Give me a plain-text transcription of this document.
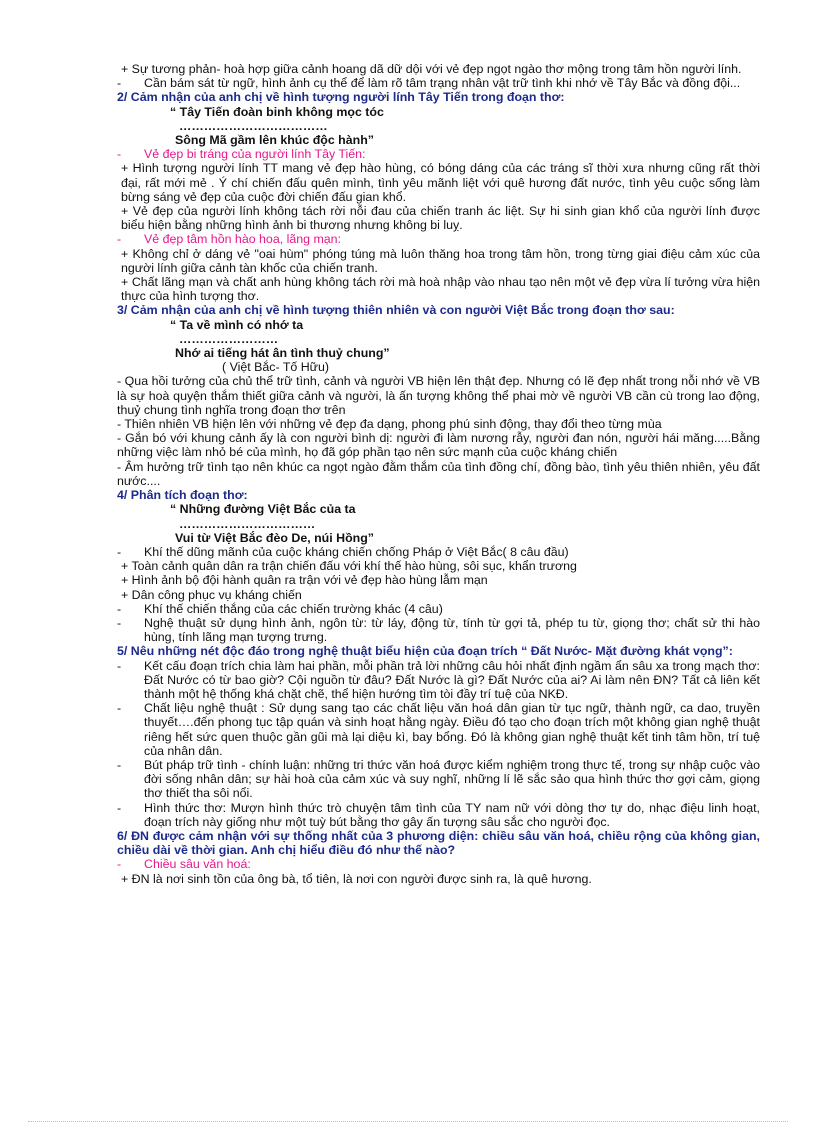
+ Sự tương phản- hoà hợp giữa cảnh hoang dã dữ dội với vẻ đẹp ngọt ngào thơ mộng trong tâm hồn người lính.

- Cần bám sát từ ngữ, hình ảnh cụ thể để làm rõ tâm trạng nhân vật trữ tình khi nhớ về Tây Bắc và đồng đội...

2/ Cảm nhận của anh chị về hình tượng người lính Tây Tiến trong đoạn thơ:

“ Tây Tiến đoàn binh không mọc tóc

………………………………

Sông Mã gầm lên khúc độc hành”

- Vẻ đẹp bi tráng của người lính Tây Tiến:

+ Hình tượng người lính TT mang vẻ đẹp hào hùng, có bóng dáng của các tráng sĩ thời xưa nhưng cũng rất thời đại, rất mới mẻ . Ý chí chiến đấu quên mình, tình yêu mãnh liệt với quê hương đất nước, tình yêu cuộc sống làm bừng sáng vẻ đẹp của cuộc đời chiến đấu gian khổ.

+ Vẻ đẹp của người lính không tách rời nỗi đau của chiến tranh ác liệt. Sự hi sinh gian khổ của người lính được biểu hiện bằng những hình ảnh bi thương nhưng không bi luỵ.

- Vẻ đẹp tâm hồn hào hoa, lãng mạn:

+ Không chỉ ở dáng vẻ "oai hùm" phóng túng mà luôn thăng hoa trong tâm hồn, trong từng giai điệu cảm xúc của người lính giữa cảnh tàn khốc của chiến tranh.

+ Chất lãng mạn và chất anh hùng không tách rời mà hoà nhập vào nhau tạo nên một vẻ đẹp vừa lí tưởng vừa hiện thực của hình tượng thơ.

3/ Cảm nhận của anh chị về hình tượng thiên nhiên và con người Việt Bắc trong đoạn thơ sau:

“ Ta về mình có nhớ ta

……………………

Nhớ ai tiếng hát ân tình thuỷ chung”

( Việt Bắc- Tố Hữu)

- Qua hồi tưởng của chủ thể trữ tình, cảnh và người VB hiện lên thật đẹp. Nhưng có lẽ đẹp nhất trong nỗi nhớ về VB là sự hoà quyện thắm thiết giữa cảnh và người, là ấn tượng không thể phai mờ về người VB cần cù trong lao động, thuỷ chung tình nghĩa trong đoạn thơ trên

- Thiên nhiên VB hiện lên với những vẻ đẹp đa dạng, phong phú sinh động, thay đổi theo từng mùa

- Gắn bó với khung cảnh ấy là con người bình dị: người đi làm nương rẫy, người đan nón, người hái măng.....Bằng những việc làm nhỏ bé của mình, họ đã góp phần tạo nên sức mạnh của cuộc kháng chiến

- Âm hưởng trữ tình tạo nên khúc ca ngọt ngào đằm thắm của tình đồng chí, đồng bào, tình yêu thiên nhiên, yêu đất nước....

4/ Phân tích đoạn thơ:

“ Những đường Việt Bắc của ta

……………………………

Vui từ Việt Bắc đèo De, núi Hồng”

- Khí thế dũng mãnh của cuộc kháng chiến chống Pháp ở Việt Bắc( 8 câu đầu)

+ Toàn cảnh quân dân ra trận chiến đấu với khí thế hào hùng, sôi sục, khẩn trương

+ Hình ảnh bộ đội hành quân ra trận với vẻ đẹp hào hùng lẫm mạn

+ Dân công phục vụ kháng chiến

- Khí thế chiến thắng của các chiến trường khác (4 câu)

- Nghệ thuật sử dụng hình ảnh, ngôn từ: từ láy, động từ, tính từ gợi tả, phép tu từ, giọng thơ; chất sử thi hào hùng, tính lãng mạn tượng trưng.

5/ Nêu những nét độc đáo trong nghệ thuật biểu hiện của đoạn trích “ Đất Nước- Mặt đường khát vọng”:

- Kết cấu đoạn trích chia làm hai phần, mỗi phần trả lời những câu hỏi nhất định ngầm ẩn sâu xa trong mạch thơ: Đất Nước có từ bao giờ? Cội nguồn từ đâu? Đất Nước là gì? Đất Nước của ai? Ai làm nên ĐN? Tất cả liên kết thành một hệ thống khá chặt chẽ, thể hiện hướng tìm tòi đầy trí tuệ của NKĐ.

- Chất liệu nghệ thuật : Sử dụng sang tạo các chất liệu văn hoá dân gian từ tục ngữ, thành ngữ, ca dao, truyền thuyết….đến phong tục tập quán và sinh hoạt hằng ngày. Điều đó tạo cho đoạn trích một không gian nghệ thuật riêng hết sức quen thuộc gần gũi mà lại diệu kì, bay bổng. Đó là không gian nghệ thuật kết tinh tâm hồn, trí tuệ của nhân dân.

- Bút pháp trữ tình - chính luận: những tri thức văn hoá được kiểm nghiệm trong thực tế, trong sự nhập cuộc vào đời sống nhân dân; sự hài hoà của cảm xúc và suy nghĩ, những lí lẽ sắc sảo qua hình thức thơ gợi cảm, giọng thơ thiết tha sôi nổi.

- Hình thức thơ: Mượn hình thức trò chuyện tâm tình của TY nam nữ với dòng thơ tự do, nhạc điệu linh hoạt, đoạn trích này giống như một tuỳ bút bằng thơ gây ấn tượng sâu sắc cho người đọc.

6/ ĐN được cảm nhận với sự thống nhất của 3 phương diện: chiều sâu văn hoá, chiều rộng của không gian, chiều dài về thời gian. Anh chị hiểu điều đó như thế nào?

- Chiều sâu văn hoá:

+ ĐN là nơi sinh tồn của ông bà, tổ tiên, là nơi con người được sinh ra, là quê hương.
